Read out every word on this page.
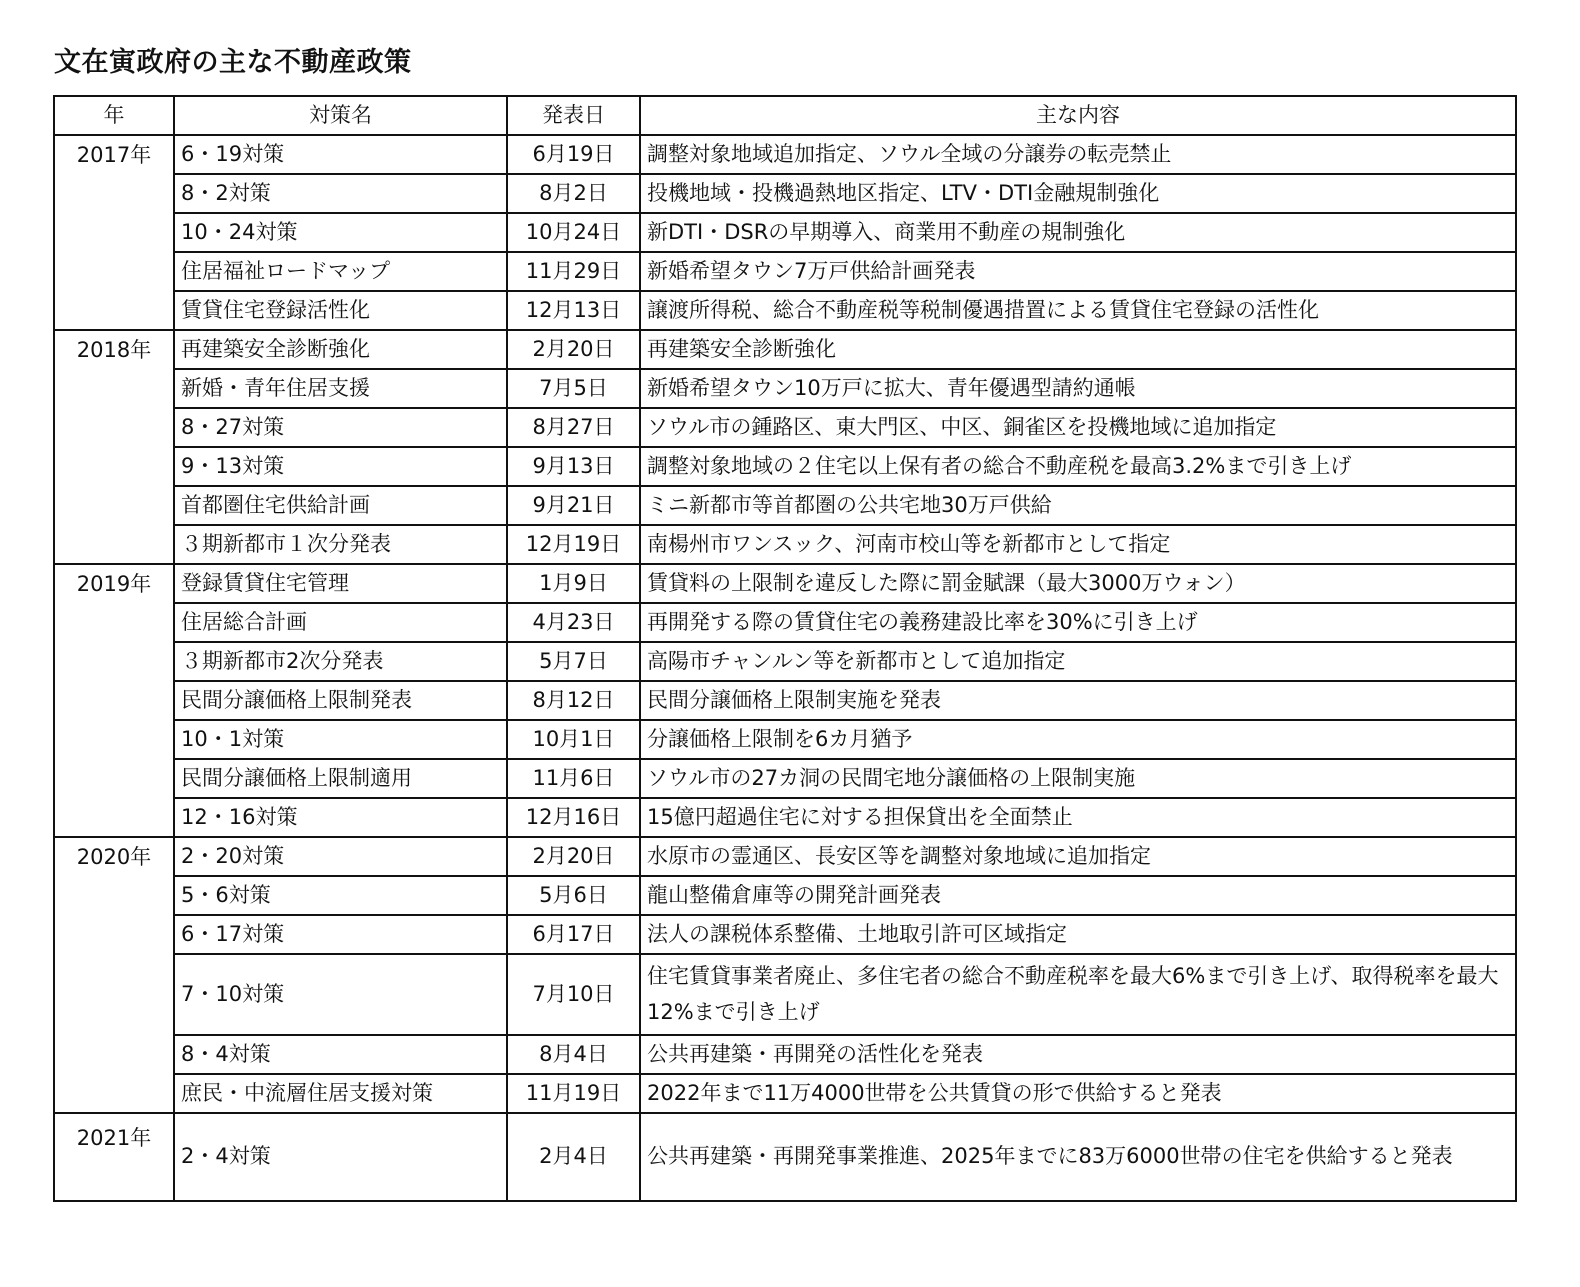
文在寅政府の主な不動産政策
年	対策名	発表日	主な内容
2017年	6・19対策	6月19日	調整対象地域追加指定、ソウル全域の分譲券の転売禁止
	8・2対策	8月2日	投機地域・投機過熱地区指定、LTV・DTI金融規制強化
	10・24対策	10月24日	新DTI・DSRの早期導入、商業用不動産の規制強化
	住居福祉ロードマップ	11月29日	新婚希望タウン7万戸供給計画発表
	賃貸住宅登録活性化	12月13日	譲渡所得税、総合不動産税等税制優遇措置による賃貸住宅登録の活性化
2018年	再建築安全診断強化	2月20日	再建築安全診断強化
	新婚・青年住居支援	7月5日	新婚希望タウン10万戸に拡大、青年優遇型請約通帳
	8・27対策	8月27日	ソウル市の鍾路区、東大門区、中区、銅雀区を投機地域に追加指定
	9・13対策	9月13日	調整対象地域の２住宅以上保有者の総合不動産税を最高3.2%まで引き上げ
	首都圏住宅供給計画	9月21日	ミニ新都市等首都圏の公共宅地30万戸供給
	３期新都市１次分発表	12月19日	南楊州市ワンスック、河南市校山等を新都市として指定
2019年	登録賃貸住宅管理	1月9日	賃貸料の上限制を違反した際に罰金賦課（最大3000万ウォン）
	住居総合計画	4月23日	再開発する際の賃貸住宅の義務建設比率を30%に引き上げ
	３期新都市2次分発表	5月7日	高陽市チャンルン等を新都市として追加指定
	民間分譲価格上限制発表	8月12日	民間分譲価格上限制実施を発表
	10・1対策	10月1日	分譲価格上限制を6カ月猶予
	民間分譲価格上限制適用	11月6日	ソウル市の27カ洞の民間宅地分譲価格の上限制実施
	12・16対策	12月16日	15億円超過住宅に対する担保貸出を全面禁止
2020年	2・20対策	2月20日	水原市の霊通区、長安区等を調整対象地域に追加指定
	5・6対策	5月6日	龍山整備倉庫等の開発計画発表
	6・17対策	6月17日	法人の課税体系整備、土地取引許可区域指定
	7・10対策	7月10日	住宅賃貸事業者廃止、多住宅者の総合不動産税率を最大6%まで引き上げ、取得税率を最大12%まで引き上げ
	8・4対策	8月4日	公共再建築・再開発の活性化を発表
	庶民・中流層住居支援対策	11月19日	2022年まで11万4000世帯を公共賃貸の形で供給すると発表
2021年	2・4対策	2月4日	公共再建築・再開発事業推進、2025年までに83万6000世帯の住宅を供給すると発表
